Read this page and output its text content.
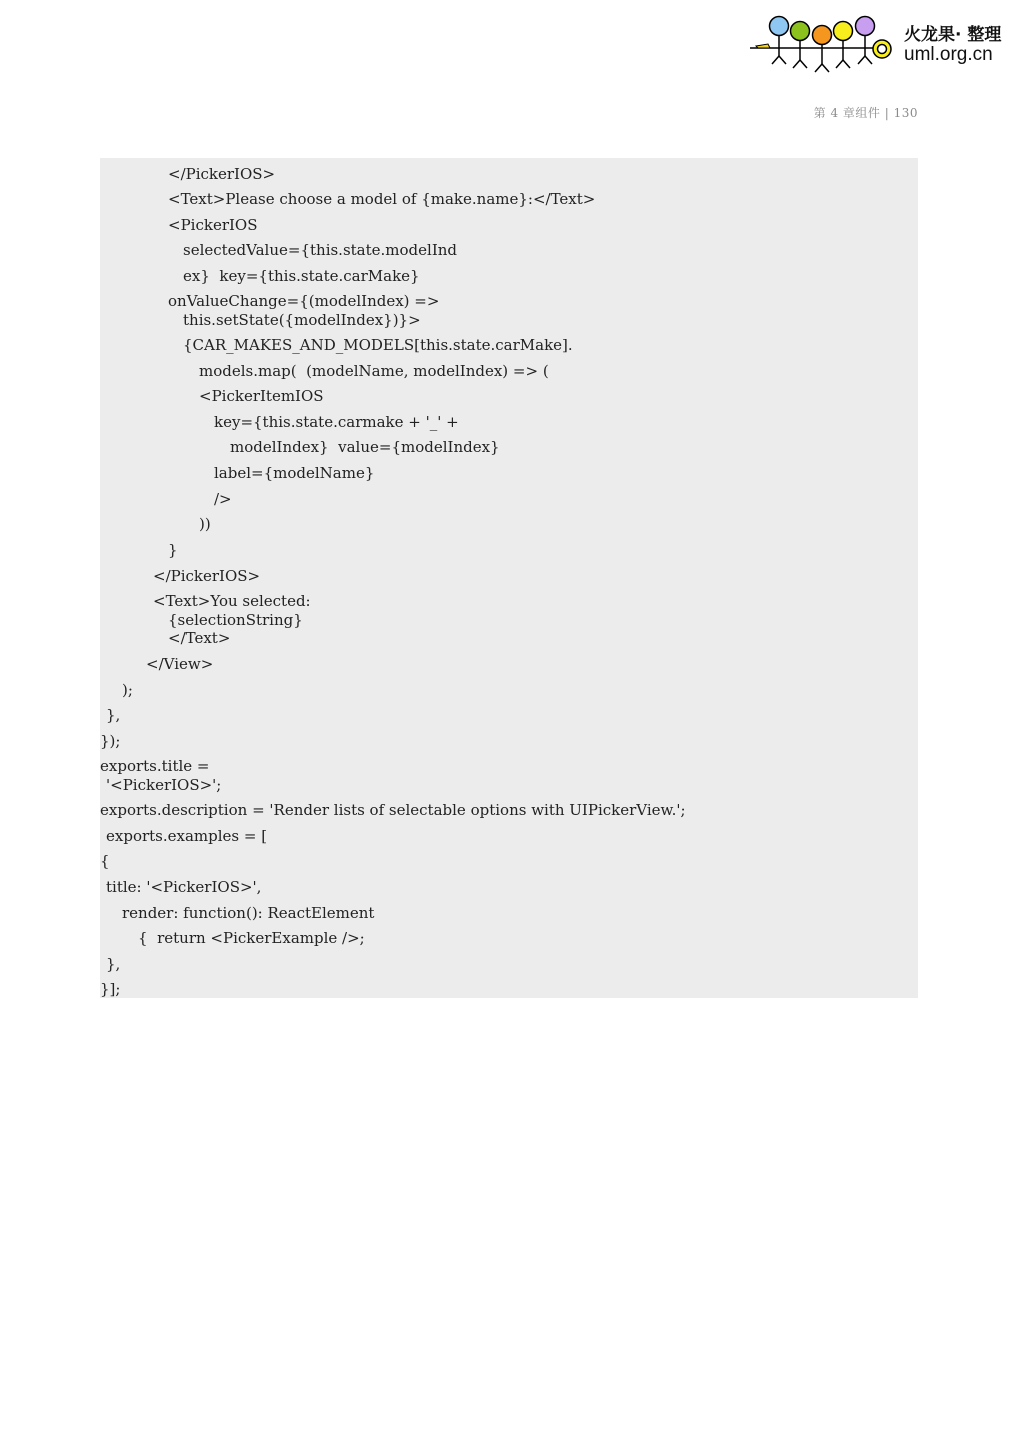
火龙果· 整理
uml.org.cn
第 4 章组件 | 130
</PickerIOS>
<Text>Please choose a model of {make.name}:</Text>
<PickerIOS
selectedValue={this.state.modelInd
ex}  key={this.state.carMake}
onValueChange={(modelIndex) =>
this.setState({modelIndex})}>
{CAR_MAKES_AND_MODELS[this.state.carMake].
models.map(  (modelName, modelIndex) => (
<PickerItemIOS
key={this.state.carmake + '_' +
modelIndex}  value={modelIndex}
label={modelName}
/>
))
}
</PickerIOS>
<Text>You selected:
{selectionString}
</Text>
</View>
);
},
});
exports.title =
'<PickerIOS>';
exports.description = 'Render lists of selectable options with UIPickerView.';
exports.examples = [
{
title: '<PickerIOS>',
render: function(): ReactElement
{  return <PickerExample />;
},
}];
